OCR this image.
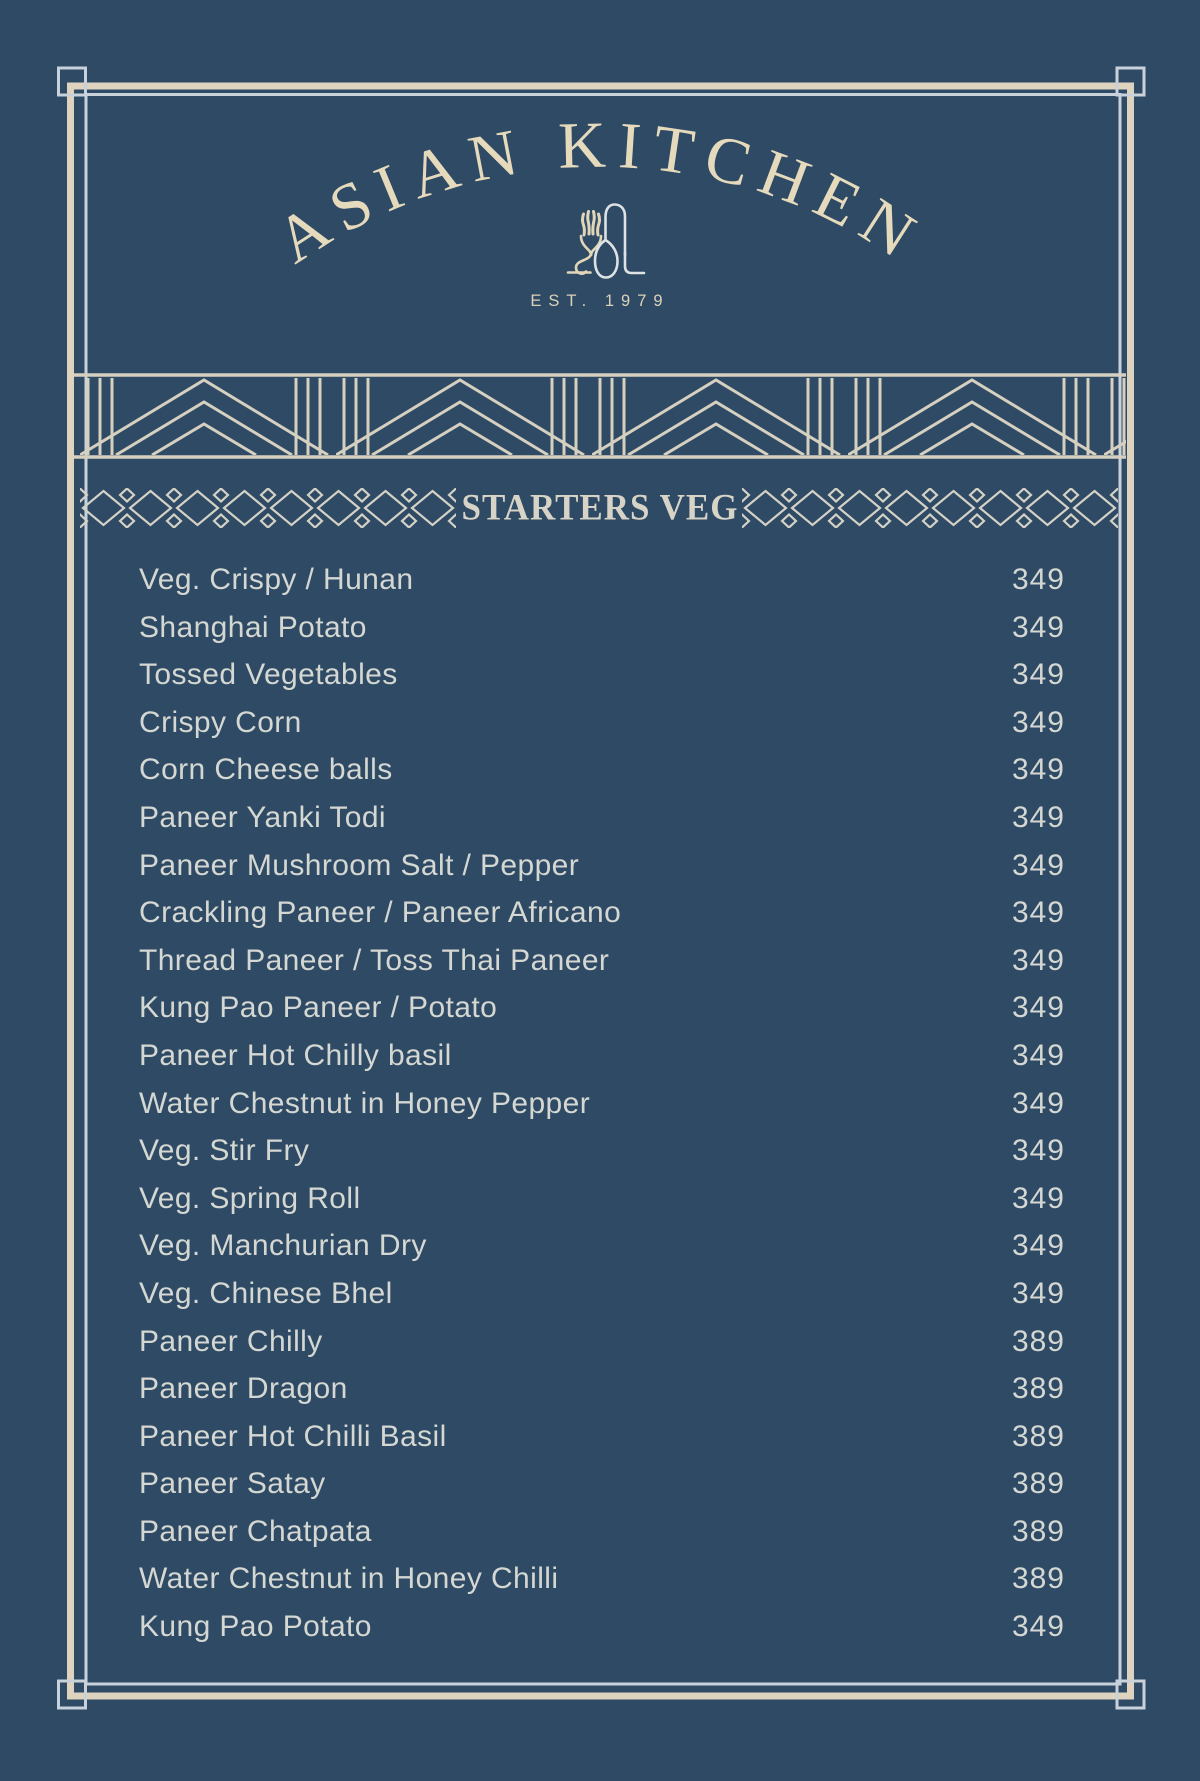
ASIAN KITCHEN
EST. 1979
STARTERS VEG
Veg. Crispy / Hunan	349
Shanghai Potato	349
Tossed Vegetables	349
Crispy Corn	349
Corn Cheese balls	349
Paneer Yanki Todi	349
Paneer Mushroom Salt / Pepper	349
Crackling Paneer / Paneer Africano	349
Thread Paneer / Toss Thai Paneer	349
Kung Pao Paneer / Potato	349
Paneer Hot Chilly basil	349
Water Chestnut in Honey Pepper	349
Veg. Stir Fry	349
Veg. Spring Roll	349
Veg. Manchurian Dry	349
Veg. Chinese Bhel	349
Paneer Chilly	389
Paneer Dragon	389
Paneer Hot Chilli Basil	389
Paneer Satay	389
Paneer Chatpata	389
Water Chestnut in Honey Chilli	389
Kung Pao Potato	349
